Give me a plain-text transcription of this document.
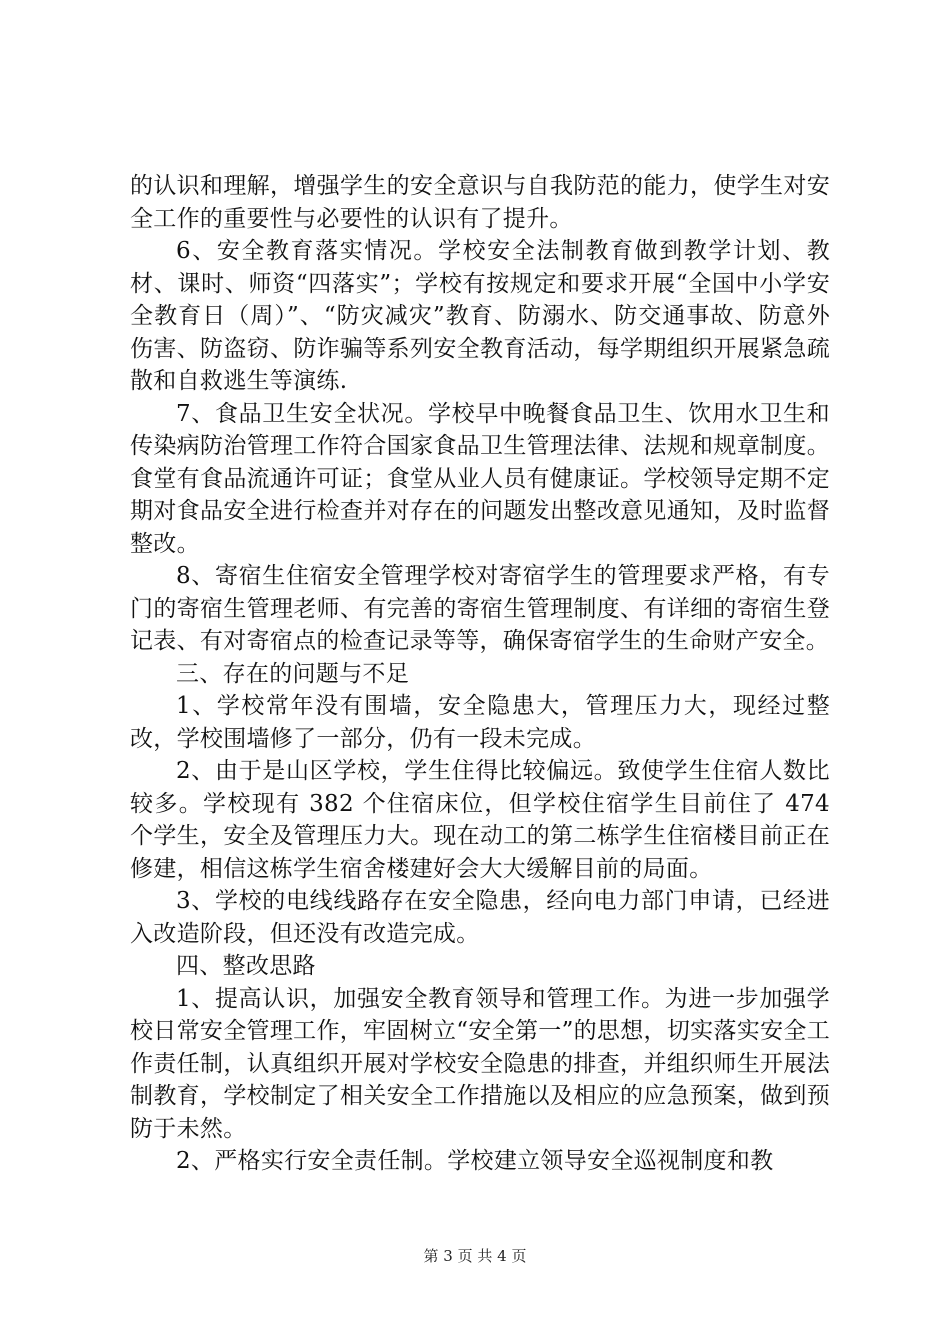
的认识和理解，增强学生的安全意识与自我防范的能力，使学生对安全工作的重要性与必要性的认识有了提升。

6、安全教育落实情况。学校安全法制教育做到教学计划、教材、课时、师资“四落实”；学校有按规定和要求开展“全国中小学安全教育日（周）”、“防灾减灾”教育、防溺水、防交通事故、防意外伤害、防盗窃、防诈骗等系列安全教育活动，每学期组织开展紧急疏散和自救逃生等演练.

7、食品卫生安全状况。学校早中晚餐食品卫生、饮用水卫生和传染病防治管理工作符合国家食品卫生管理法律、法规和规章制度。食堂有食品流通许可证；食堂从业人员有健康证。学校领导定期不定期对食品安全进行检查并对存在的问题发出整改意见通知，及时监督整改。

8、寄宿生住宿安全管理学校对寄宿学生的管理要求严格，有专门的寄宿生管理老师、有完善的寄宿生管理制度、有详细的寄宿生登记表、有对寄宿点的检查记录等等，确保寄宿学生的生命财产安全。

三、存在的问题与不足

1、学校常年没有围墙，安全隐患大，管理压力大，现经过整改，学校围墙修了一部分，仍有一段未完成。

2、由于是山区学校，学生住得比较偏远。致使学生住宿人数比较多。学校现有 382 个住宿床位，但学校住宿学生目前住了 474 个学生，安全及管理压力大。现在动工的第二栋学生住宿楼目前正在修建，相信这栋学生宿舍楼建好会大大缓解目前的局面。

3、学校的电线线路存在安全隐患，经向电力部门申请，已经进入改造阶段，但还没有改造完成。

四、整改思路

1、提高认识，加强安全教育领导和管理工作。为进一步加强学校日常安全管理工作，牢固树立“安全第一”的思想，切实落实安全工作责任制，认真组织开展对学校安全隐患的排查，并组织师生开展法制教育，学校制定了相关安全工作措施以及相应的应急预案，做到预防于未然。

2、严格实行安全责任制。学校建立领导安全巡视制度和教

第 3 页 共 4 页
